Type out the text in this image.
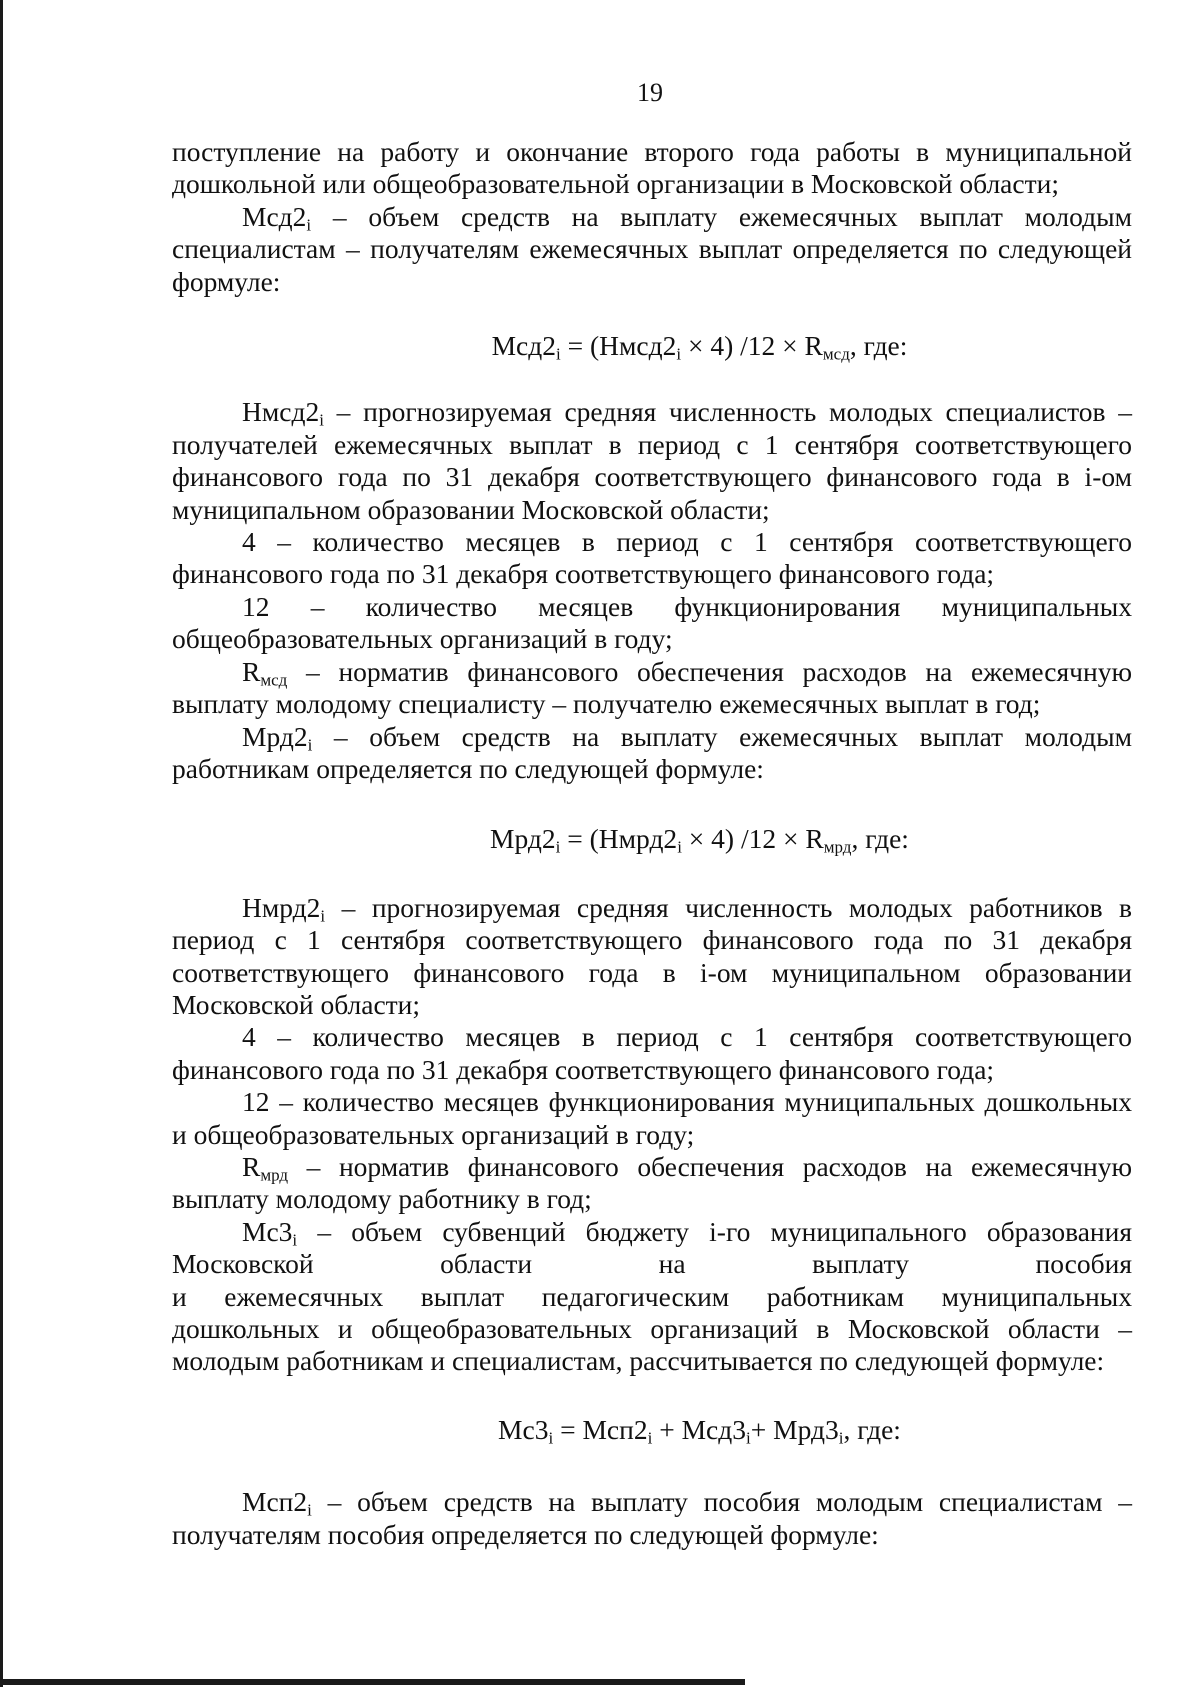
19

поступление на работу и окончание второго года работы в муниципальной дошкольной или общеобразовательной организации в Московской области;

$Мсд2_i$ – объем средств на выплату ежемесячных выплат молодым специалистам – получателям ежемесячных выплат определяется по следующей формуле:

$Мсд2_i$ = $(Нмсд2_i \times 4) /12 \times R_{мсд}$, где:

$Нмсд2_i$ – прогнозируемая средняя численность молодых специалистов – получателей ежемесячных выплат в период с 1 сентября соответствующего финансового года по 31 декабря соответствующего финансового года в i-ом муниципальном образовании Московской области;

4 – количество месяцев в период с 1 сентября соответствующего финансового года по 31 декабря соответствующего финансового года;

12 – количество месяцев функционирования муниципальных общеобразовательных организаций в году;

$R_{мсд}$ – норматив финансового обеспечения расходов на ежемесячную выплату молодому специалисту – получателю ежемесячных выплат в год;

$Мрд2_i$ – объем средств на выплату ежемесячных выплат молодым работникам определяется по следующей формуле:

$Мрд2_i$ = $(Нмрд2_i \times 4) /12 \times R_{мрд}$, где:

$Нмрд2_i$ – прогнозируемая средняя численность молодых работников в период с 1 сентября соответствующего финансового года по 31 декабря соответствующего финансового года в i-ом муниципальном образовании Московской области;

4 – количество месяцев в период с 1 сентября соответствующего финансового года по 31 декабря соответствующего финансового года;

12 – количество месяцев функционирования муниципальных дошкольных и общеобразовательных организаций в году;

$R_{мрд}$ – норматив финансового обеспечения расходов на ежемесячную выплату молодому работнику в год;

$Мс3_i$ – объем субвенций бюджету i-го муниципального образования

Московской области на выплату пособия

и ежемесячных выплат педагогическим работникам муниципальных дошкольных и общеобразовательных организаций в Московской области – молодым работникам и специалистам, рассчитывается по следующей формуле:

$Мс3_i = Мсп2_i + Мсд3_i+ Мрд3_i$, где:

$Мсп2_i$ – объем средств на выплату пособия молодым специалистам – получателям пособия определяется по следующей формуле:
